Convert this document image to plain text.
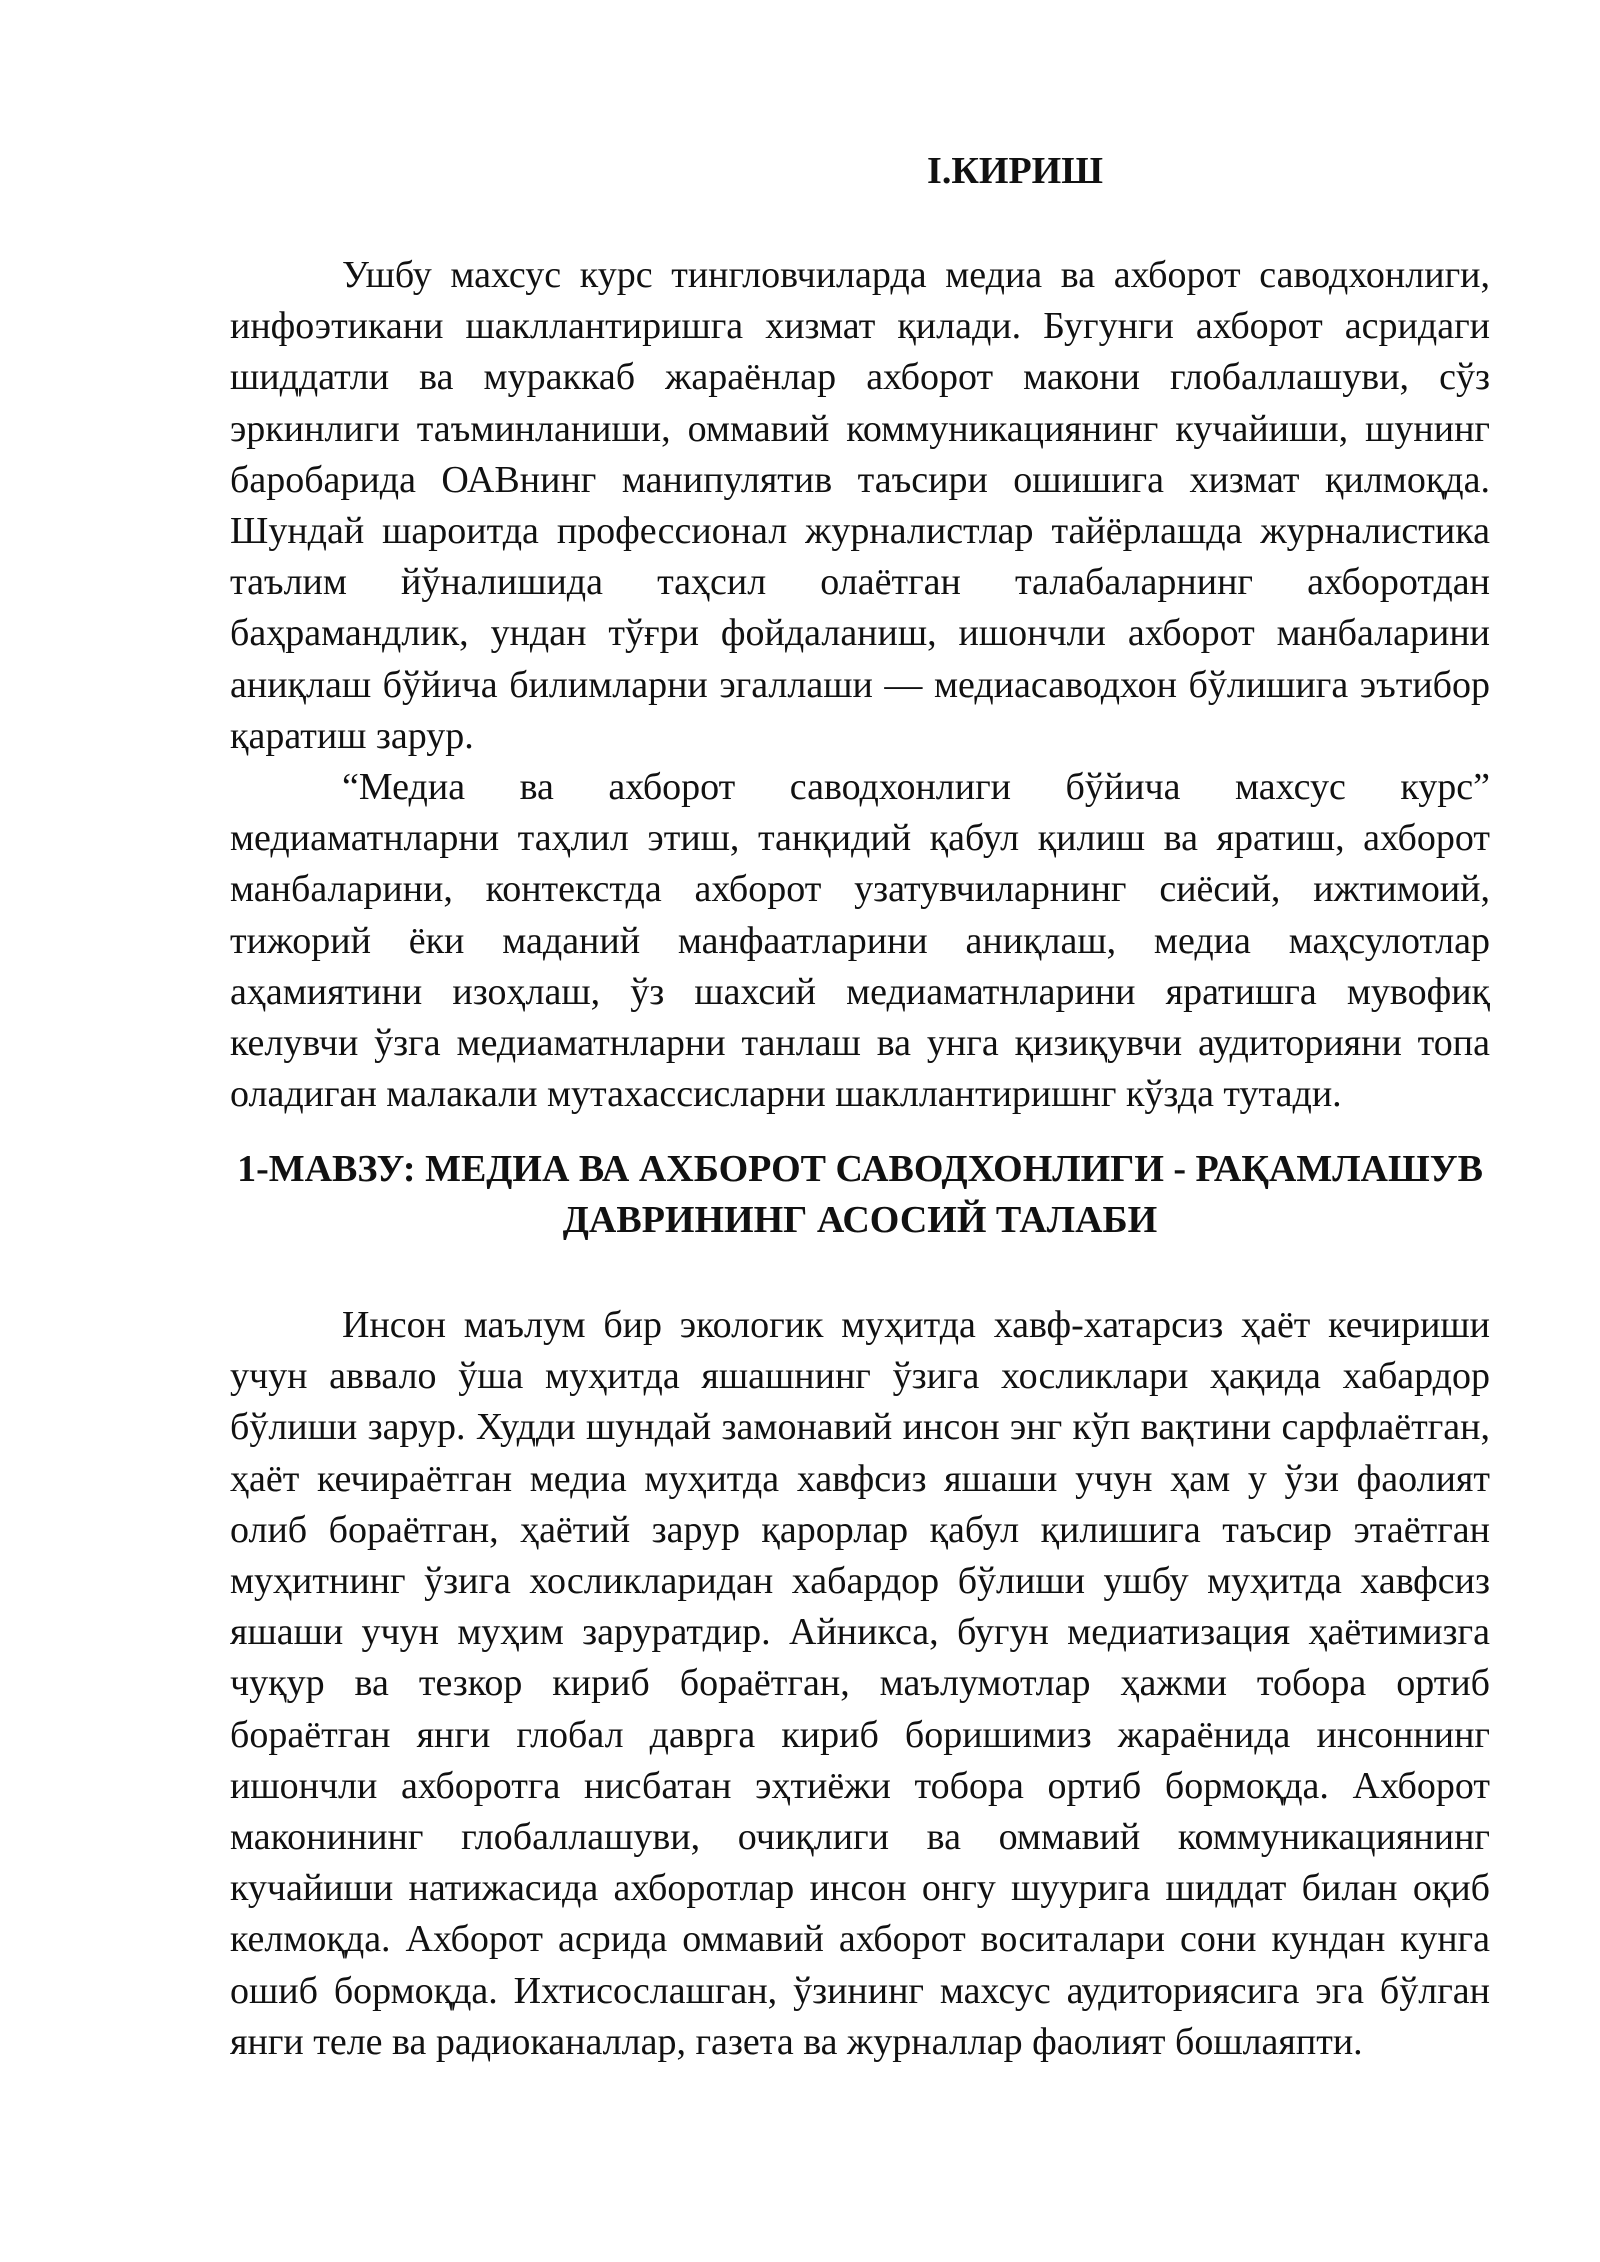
I.КИРИШ

Ушбу махсус курс тингловчиларда медиа ва ахборот саводхонлиги, инфоэтикани шакллантиришга хизмат қилади. Бугунги ахборот асридаги шиддатли ва мураккаб жараёнлар ахборот макони глобаллашуви, сўз эркинлиги таъминланиши, оммавий коммуникациянинг кучайиши, шунинг баробарида ОАВнинг манипулятив таъсири ошишига хизмат қилмоқда. Шундай шароитда профессионал журналистлар тайёрлашда журналистика таълим йўналишида таҳсил олаётган талабаларнинг ахборотдан баҳрамандлик, ундан тўғри фойдаланиш, ишончли ахборот манбаларини аниқлаш бўйича билимларни эгаллаши — медиасаводхон бўлишига эътибор қаратиш зарур.

“Медиа ва ахборот саводхонлиги бўйича махсус курс” медиаматнларни таҳлил этиш, танқидий қабул қилиш ва яратиш, ахборот манбаларини, контекстда ахборот узатувчиларнинг сиёсий, ижтимоий, тижорий ёки маданий манфаатларини аниқлаш, медиа маҳсулотлар аҳамиятини изоҳлаш, ўз шахсий медиаматнларини яратишга мувофиқ келувчи ўзга медиаматнларни танлаш ва унга қизиқувчи аудиторияни топа оладиган малакали мутахассисларни шакллантиришнг кўзда тутади.

1-МАВЗУ: МЕДИА ВА АХБОРОТ САВОДХОНЛИГИ - РАҚАМЛАШУВ
ДАВРИНИНГ АСОСИЙ ТАЛАБИ

Инсон маълум бир экологик муҳитда хавф-хатарсиз ҳаёт кечириши учун аввало ўша муҳитда яшашнинг ўзига хосликлари ҳақида хабардор бўлиши зарур. Худди шундай замонавий инсон энг кўп вақтини сарфлаётган, ҳаёт кечираётган медиа муҳитда хавфсиз яшаши учун ҳам у ўзи фаолият олиб бораётган, ҳаётий зарур қарорлар қабул қилишига таъсир этаётган муҳитнинг ўзига хосликларидан хабардор бўлиши ушбу муҳитда хавфсиз яшаши учун муҳим заруратдир. Айникса, бугун медиатизация ҳаётимизга чуқур ва тезкор кириб бораётган, маълумотлар ҳажми тобора ортиб бораётган янги глобал даврга кириб боришимиз жараёнида инсоннинг ишончли ахборотга нисбатан эҳтиёжи тобора ортиб бормоқда. Ахборот маконининг глобаллашуви, очиқлиги ва оммавий коммуникациянинг кучайиши натижасида ахборотлар инсон онгу шуурига шиддат билан оқиб келмоқда. Ахборот асрида оммавий ахборот воситалари сони кундан кунга ошиб бормоқда. Ихтисослашган, ўзининг махсус аудиториясига эга бўлган янги теле ва радиоканаллар, газета ва журналлар фаолият бошлаяпти.
